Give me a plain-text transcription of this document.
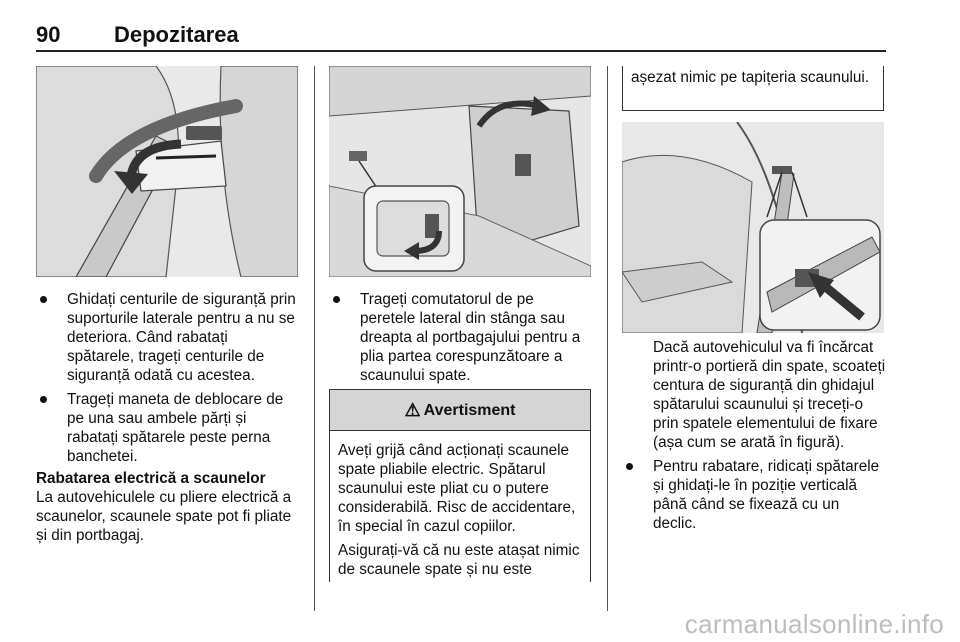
90 Depozitarea
Ghidați centurile de siguranță prin suporturile laterale pentru a nu se deteriora. Când rabatați spătarele, trageți centurile de siguranță odată cu acestea.
Trageți maneta de deblocare de pe una sau ambele părți și rabatați spătarele peste perna banchetei.
Rabatarea electrică a scaunelor
La autovehiculele cu pliere electrică a scaunelor, scaunele spate pot fi pliate și din portbagaj.
Trageți comutatorul de pe peretele lateral din stânga sau dreapta al portbagajului pentru a plia partea corespunzătoare a scaunului spate.
⚠ Avertisment

Aveți grijă când acționați scaunele spate pliabile electric. Spătarul scaunului este pliat cu o putere considerabilă. Risc de accidentare, în special în cazul copiilor.

Asigurați-vă că nu este atașat nimic de scaunele spate și nu este

așezat nimic pe tapițeria scaunului.
Dacă autovehiculul va fi încărcat printr-o portieră din spate, scoateți centura de siguranță din ghidajul spătarului scaunului și treceți-o prin spatele elementului de fixare (așa cum se arată în figură).
Pentru rabatare, ridicați spătarele și ghidați-le în poziție verticală până când se fixează cu un declic.
carmanualsonline.info
